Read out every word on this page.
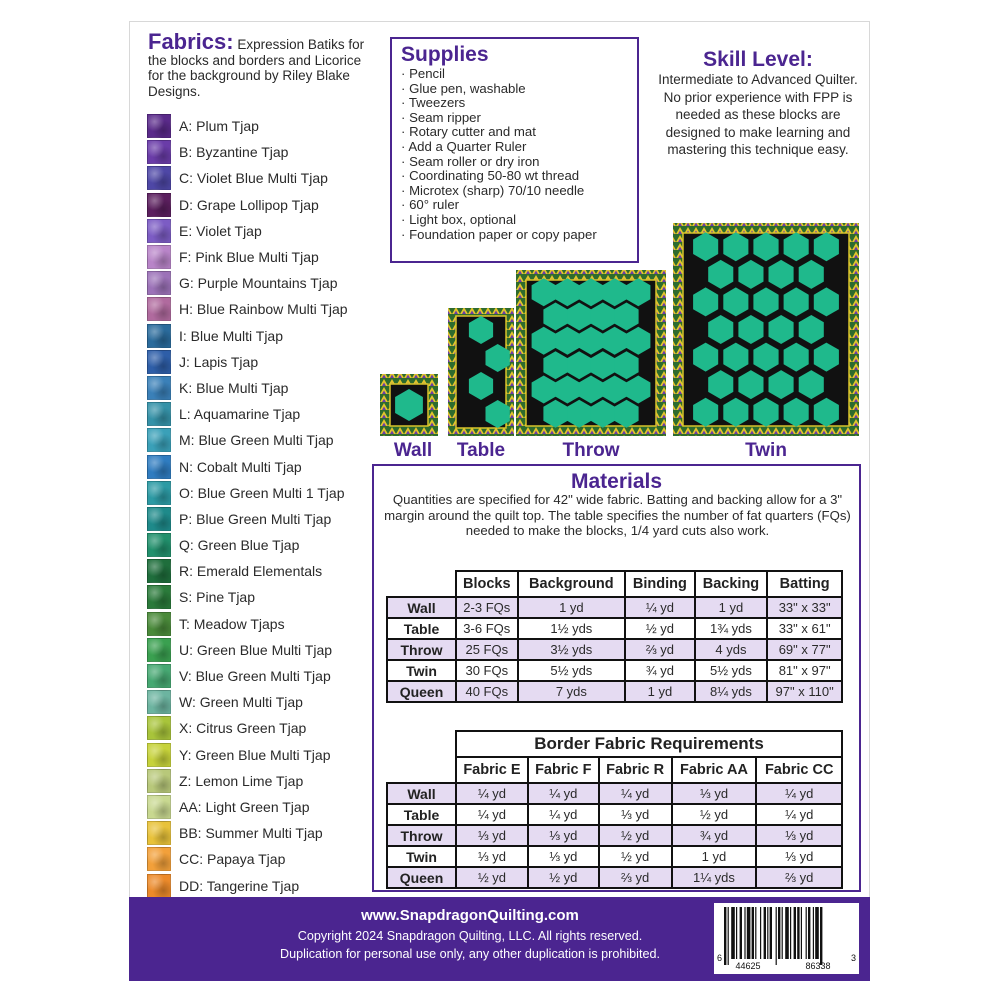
Fabrics: Expression Batiks for the blocks and borders and Licorice for the background by Riley Blake Designs.
A: Plum Tjap
B: Byzantine Tjap
C: Violet Blue Multi Tjap
D: Grape Lollipop Tjap
E: Violet Tjap
F: Pink Blue Multi Tjap
G: Purple Mountains Tjap
H: Blue Rainbow Multi Tjap
I: Blue Multi Tjap
J: Lapis Tjap
K: Blue Multi Tjap
L: Aquamarine Tjap
M: Blue Green Multi Tjap
N: Cobalt Multi Tjap
O: Blue Green Multi 1 Tjap
P: Blue Green Multi Tjap
Q: Green Blue Tjap
R: Emerald Elementals
S: Pine Tjap
T: Meadow Tjaps
U: Green Blue Multi Tjap
V: Blue Green Multi Tjap
W: Green Multi Tjap
X: Citrus Green Tjap
Y: Green Blue Multi Tjap
Z: Lemon Lime Tjap
AA: Light Green Tjap
BB: Summer Multi Tjap
CC: Papaya Tjap
DD: Tangerine Tjap
Supplies
· Pencil
· Glue pen, washable
· Tweezers
· Seam ripper
· Rotary cutter and mat
· Add a Quarter Ruler
· Seam roller or dry iron
· Coordinating 50-80 wt thread
· Microtex (sharp) 70/10 needle
· 60° ruler
· Light box, optional
· Foundation paper or copy paper
Skill Level:
Intermediate to Advanced Quilter. No prior experience with FPP is needed as these blocks are designed to make learning and mastering this technique easy.
Wall	Table	Throw	Twin
Materials
Quantities are specified for 42" wide fabric. Batting and backing allow for a 3" margin around the quilt top. The table specifies the number of fat quarters (FQs) needed to make the blocks, 1/4 yard cuts also work.
	Blocks	Background	Binding	Backing	Batting
Wall	2-3 FQs	1 yd	¼ yd	1 yd	33" x 33"
Table	3-6 FQs	1½ yds	½ yd	1¾ yds	33" x 61"
Throw	25 FQs	3½ yds	⅔ yd	4 yds	69" x 77"
Twin	30 FQs	5½ yds	¾ yd	5½ yds	81" x 97"
Queen	40 FQs	7 yds	1 yd	8¼ yds	97" x 110"
	Border Fabric Requirements				
	Fabric E	Fabric F	Fabric R	Fabric AA	Fabric CC
Wall	¼ yd	¼ yd	¼ yd	⅓ yd	¼ yd
Table	¼ yd	¼ yd	⅓ yd	½ yd	¼ yd
Throw	⅓ yd	⅓ yd	½ yd	¾ yd	⅓ yd
Twin	⅓ yd	⅓ yd	½ yd	1 yd	⅓ yd
Queen	½ yd	½ yd	⅔ yd	1¼ yds	⅔ yd
www.SnapdragonQuilting.com
Copyright 2024 Snapdragon Quilting, LLC. All rights reserved.
Duplication for personal use only, any other duplication is prohibited.	6
44625	86338
3
